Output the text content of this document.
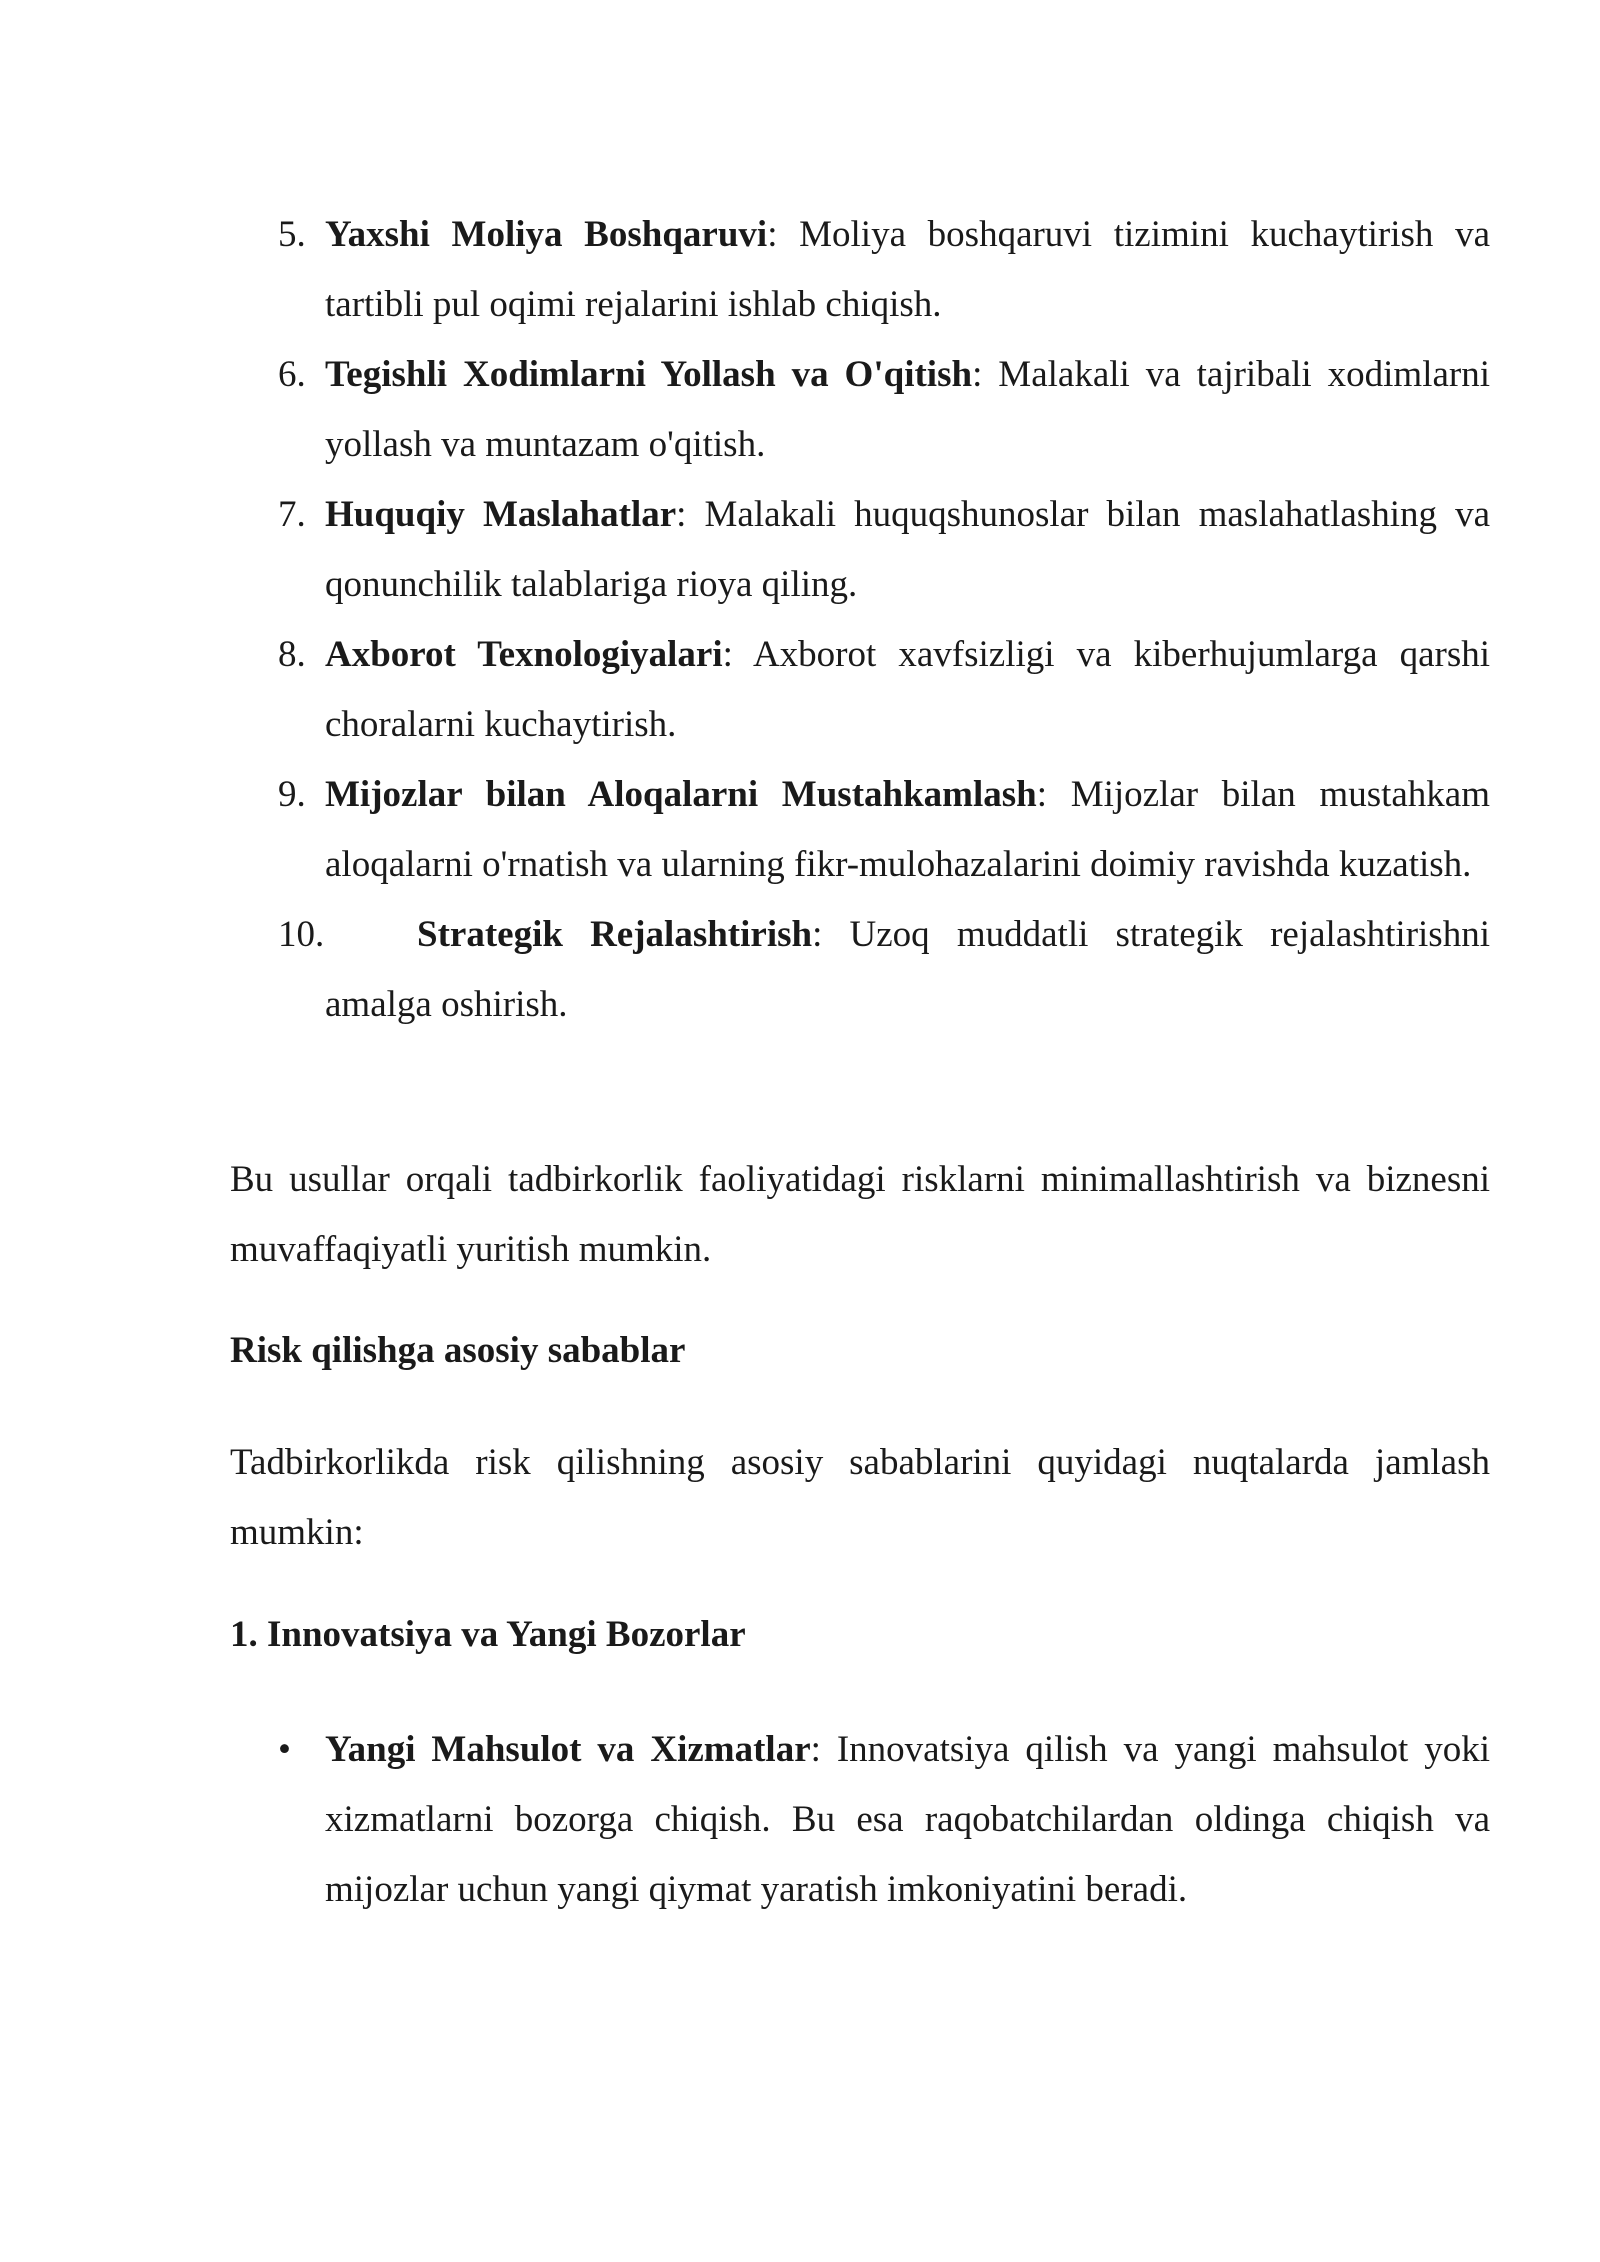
5. Yaxshi Moliya Boshqaruvi: Moliya boshqaruvi tizimini kuchaytirish va tartibli pul oqimi rejalarini ishlab chiqish.
6. Tegishli Xodimlarni Yollash va O'qitish: Malakali va tajribali xodimlarni yollash va muntazam o'qitish.
7. Huquqiy Maslahatlar: Malakali huquqshunoslar bilan maslahatlashing va qonunchilik talablariga rioya qiling.
8. Axborot Texnologiyalari: Axborot xavfsizligi va kiberhujumlarga qarshi choralarni kuchaytirish.
9. Mijozlar bilan Aloqalarni Mustahkamlash: Mijozlar bilan mustahkam aloqalarni o'rnatish va ularning fikr-mulohazalarini doimiy ravishda kuzatish.
10.	Strategik Rejalashtirish: Uzoq muddatli strategik rejalashtirishni amalga oshirish.

Bu usullar orqali tadbirkorlik faoliyatidagi risklarni minimallashtirish va biznesni muvaffaqiyatli yuritish mumkin.

Risk qilishga asosiy sabablar

Tadbirkorlikda risk qilishning asosiy sabablarini quyidagi nuqtalarda jamlash mumkin:

1. Innovatsiya va Yangi Bozorlar
• Yangi Mahsulot va Xizmatlar: Innovatsiya qilish va yangi mahsulot yoki xizmatlarni bozorga chiqish. Bu esa raqobatchilardan oldinga chiqish va mijozlar uchun yangi qiymat yaratish imkoniyatini beradi.
